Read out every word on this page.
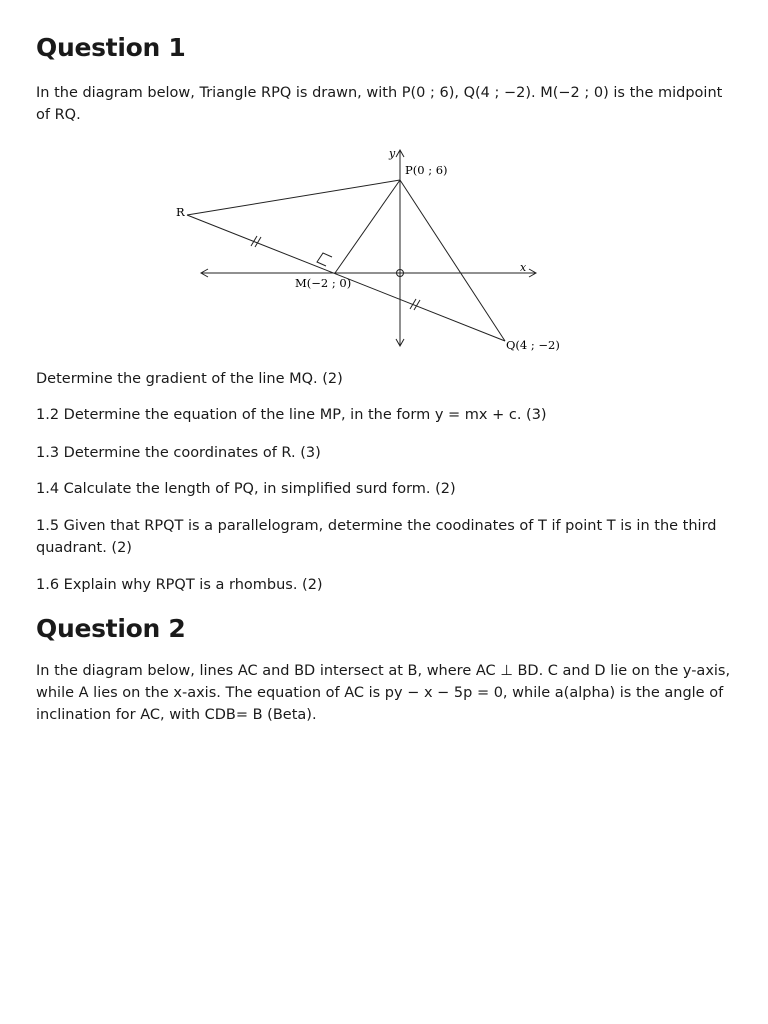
Question 1

In the diagram below, Triangle RPQ is drawn, with P(0 ; 6), Q(4 ; −2). M(−2 ; 0) is the midpoint of RQ.

y
x
P(0 ; 6)
R
M(−2 ; 0)
Q(4 ; −2)

Determine the gradient of the line MQ. (2)

1.2 Determine the equation of the line MP, in the form y = mx + c. (3)

1.3 Determine the coordinates of R. (3)

1.4 Calculate the length of PQ, in simplified surd form. (2)

1.5 Given that RPQT is a parallelogram, determine the coodinates of T if point T is in the third quadrant. (2)

1.6 Explain why RPQT is a rhombus. (2)

Question 2

In the diagram below, lines AC and BD intersect at B, where AC ⊥ BD. C and D lie on the y-axis, while A lies on the x-axis. The equation of AC is py − x − 5p = 0, while a(alpha) is the angle of inclination for AC, with CDB= B (Beta).
